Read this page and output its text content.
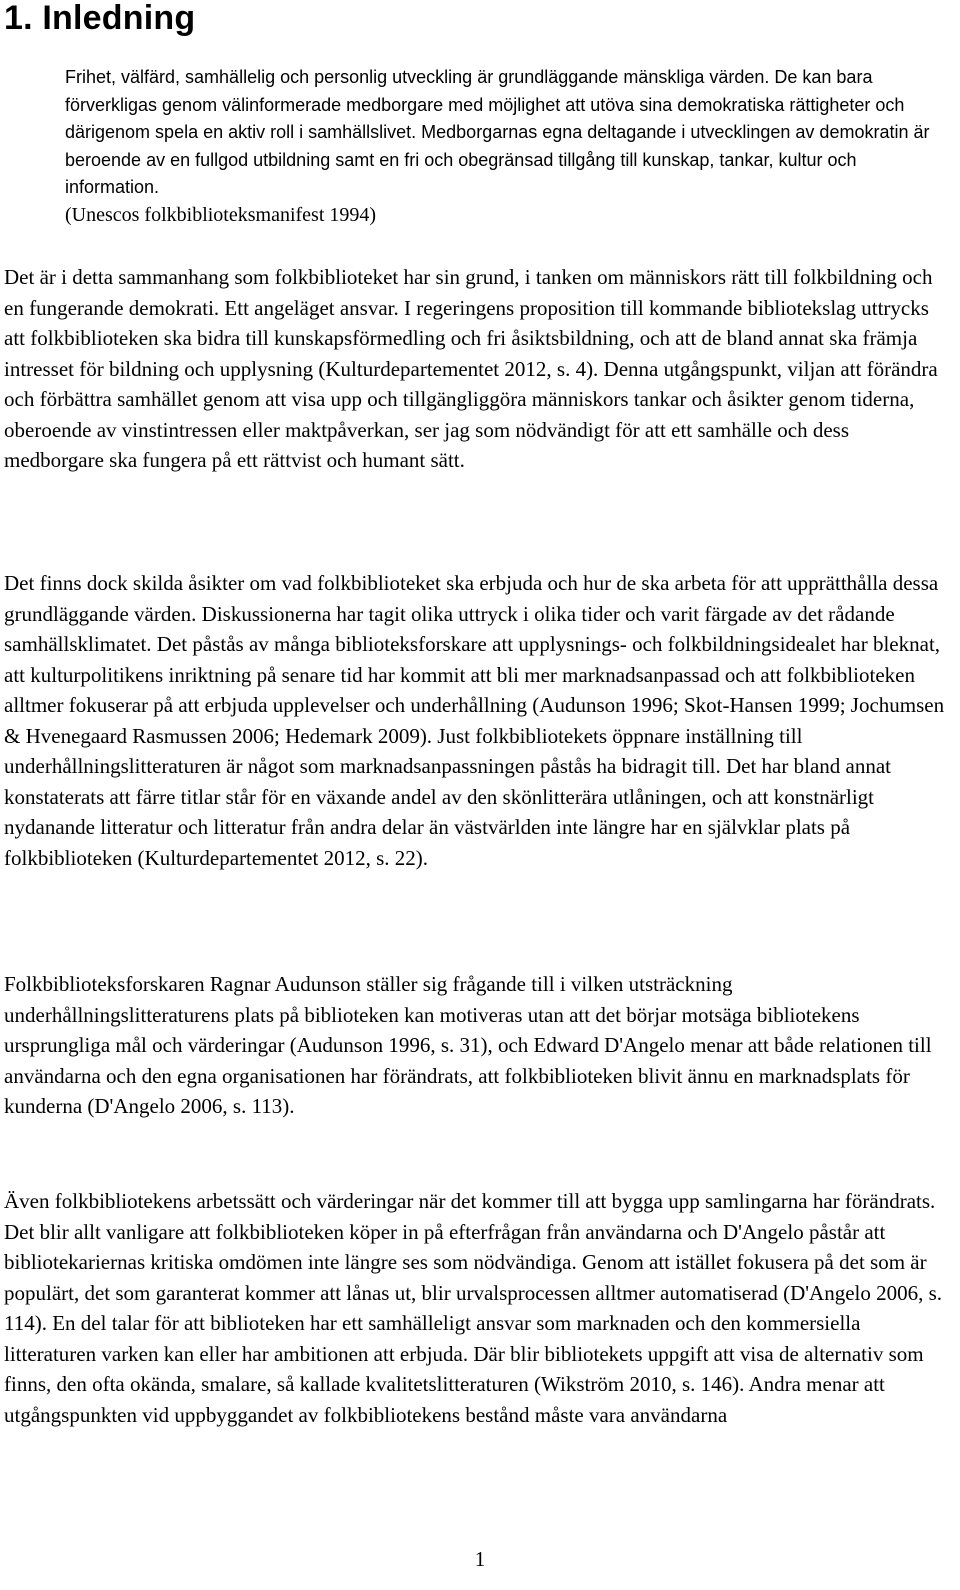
1. Inledning
Frihet, välfärd, samhällelig och personlig utveckling är grundläggande mänskliga värden. De kan bara förverkligas genom välinformerade medborgare med möjlighet att utöva sina demokratiska rättigheter och därigenom spela en aktiv roll i samhällslivet. Medborgarnas egna deltagande i utvecklingen av demokratin är beroende av en fullgod utbildning samt en fri och obegränsad tillgång till kunskap, tankar, kultur och information.
(Unescos folkbiblioteksmanifest 1994)

Det är i detta sammanhang som folkbiblioteket har sin grund, i tanken om människors rätt till folkbildning och en fungerande demokrati. Ett angeläget ansvar. I regeringens proposition till kommande bibliotekslag uttrycks att folkbiblioteken ska bidra till kunskapsförmedling och fri åsiktsbildning, och att de bland annat ska främja intresset för bildning och upplysning (Kulturdepartementet 2012, s. 4). Denna utgångspunkt, viljan att förändra och förbättra samhället genom att visa upp och tillgängliggöra människors tankar och åsikter genom tiderna, oberoende av vinstintressen eller maktpåverkan, ser jag som nödvändigt för att ett samhälle och dess medborgare ska fungera på ett rättvist och humant sätt.

Det finns dock skilda åsikter om vad folkbiblioteket ska erbjuda och hur de ska arbeta för att upprätthålla dessa grundläggande värden. Diskussionerna har tagit olika uttryck i olika tider och varit färgade av det rådande samhällsklimatet. Det påstås av många biblioteksforskare att upplysnings- och folkbildningsidealet har bleknat, att kulturpolitikens inriktning på senare tid har kommit att bli mer marknadsanpassad och att folkbiblioteken alltmer fokuserar på att erbjuda upplevelser och underhållning (Audunson 1996; Skot-Hansen 1999; Jochumsen & Hvenegaard Rasmussen 2006; Hedemark 2009). Just folkbibliotekets öppnare inställning till underhållningslitteraturen är något som marknadsanpassningen påstås ha bidragit till. Det har bland annat konstaterats att färre titlar står för en växande andel av den skönlitterära utlåningen, och att konstnärligt nydanande litteratur och litteratur från andra delar än västvärlden inte längre har en självklar plats på folkbiblioteken (Kulturdepartementet 2012, s. 22).

Folkbiblioteksforskaren Ragnar Audunson ställer sig frågande till i vilken utsträckning underhållningslitteraturens plats på biblioteken kan motiveras utan att det börjar motsäga bibliotekens ursprungliga mål och värderingar (Audunson 1996, s. 31), och Edward D'Angelo menar att både relationen till användarna och den egna organisationen har förändrats, att folkbiblioteken blivit ännu en marknadsplats för kunderna (D'Angelo 2006, s. 113).

Även folkbibliotekens arbetssätt och värderingar när det kommer till att bygga upp samlingarna har förändrats. Det blir allt vanligare att folkbiblioteken köper in på efterfrågan från användarna och D'Angelo påstår att bibliotekariernas kritiska omdömen inte längre ses som nödvändiga. Genom att istället fokusera på det som är populärt, det som garanterat kommer att lånas ut, blir urvalsprocessen alltmer automatiserad (D'Angelo 2006, s. 114). En del talar för att biblioteken har ett samhälleligt ansvar som marknaden och den kommersiella litteraturen varken kan eller har ambitionen att erbjuda. Där blir bibliotekets uppgift att visa de alternativ som finns, den ofta okända, smalare, så kallade kvalitetslitteraturen (Wikström 2010, s. 146). Andra menar att utgångspunkten vid uppbyggandet av folkbibliotekens bestånd måste vara användarna

1
